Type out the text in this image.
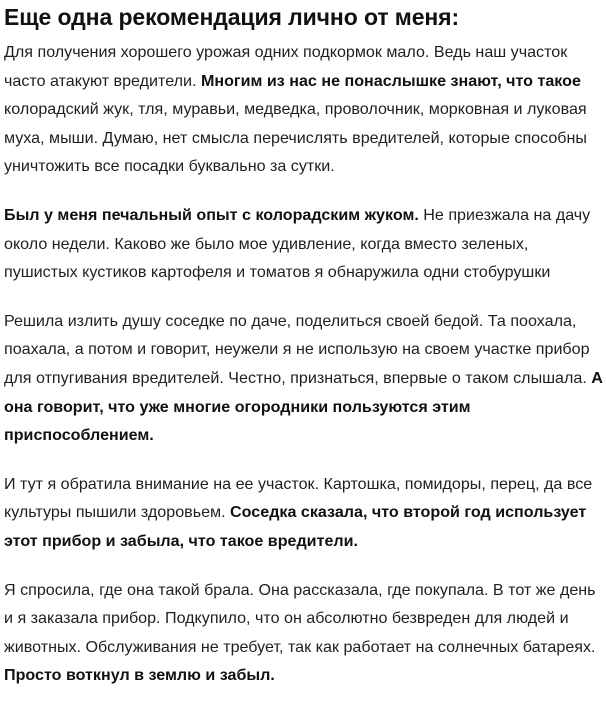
Еще одна рекомендация лично от меня:

Для получения хорошего урожая одних подкормок мало. Ведь наш участок часто атакуют вредители. Многим из нас не понаслышке знают, что такое колорадский жук, тля, муравьи, медведка, проволочник, морковная и луковая муха, мыши. Думаю, нет смысла перечислять вредителей, которые способны уничтожить все посадки буквально за сутки.

Был у меня печальный опыт с колорадским жуком. Не приезжала на дачу около недели. Каково же было мое удивление, когда вместо зеленых, пушистых кустиков картофеля и томатов я обнаружила одни стобурушки

Решила излить душу соседке по даче, поделиться своей бедой. Та поохала, поахала, а потом и говорит, неужели я не использую на своем участке прибор для отпугивания вредителей. Честно, признаться, впервые о таком слышала. А она говорит, что уже многие огородники пользуются этим приспособлением.

И тут я обратила внимание на ее участок. Картошка, помидоры, перец, да все культуры пышили здоровьем. Соседка сказала, что второй год использует этот прибор и забыла, что такое вредители.

Я спросила, где она такой брала. Она рассказала, где покупала. В тот же день и я заказала прибор. Подкупило, что он абсолютно безвреден для людей и животных. Обслуживания не требует, так как работает на солнечных батареях. Просто воткнул в землю и забыл.
